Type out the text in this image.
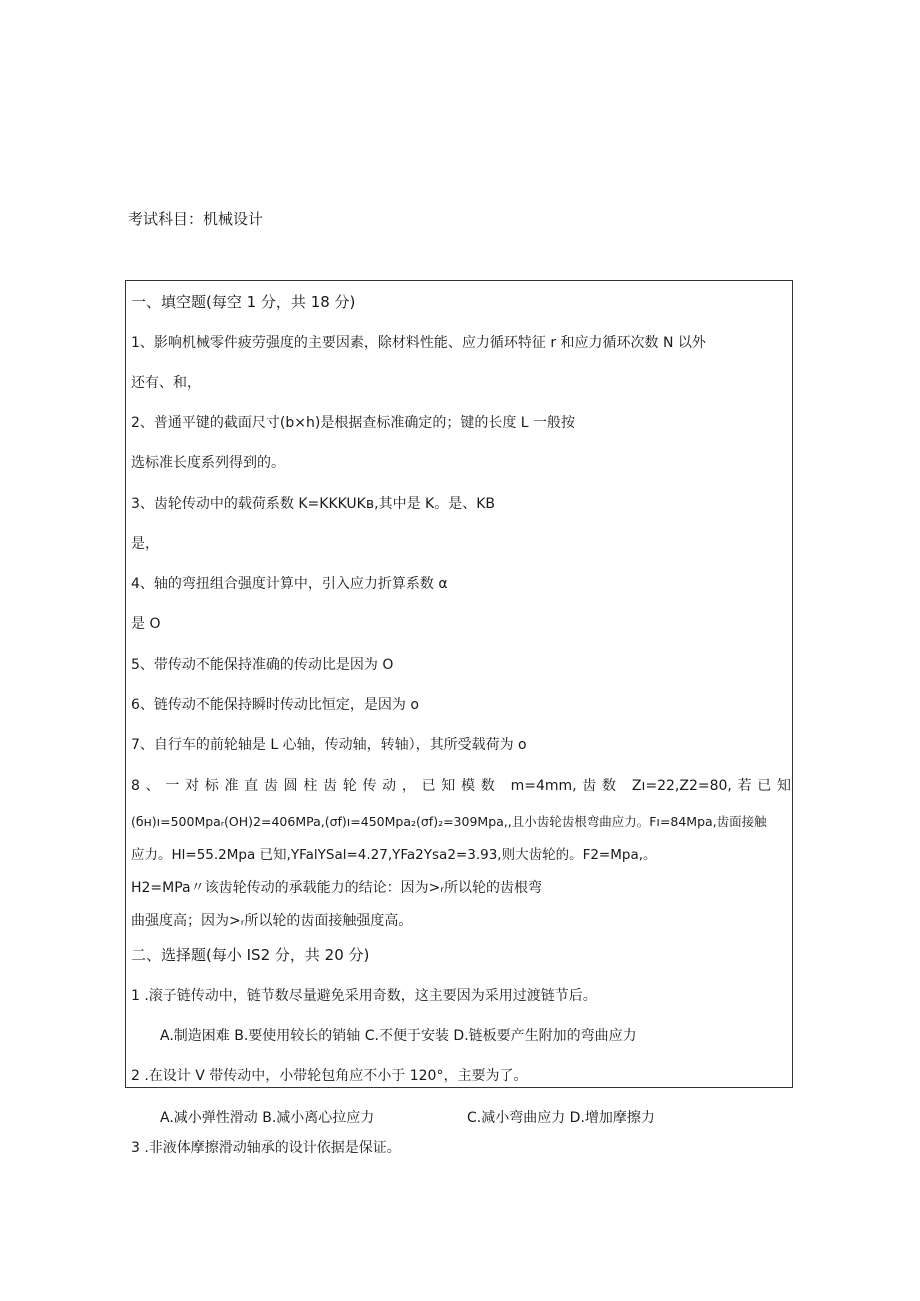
考试科目：机械设计
一、填空题(每空 1 分，共 18 分)
1、影响机械零件疲劳强度的主要因素，除材料性能、应力循环特征 r 和应力循环次数 N 以外
还有、和，
2、普通平键的截面尺寸(b×h)是根据查标准确定的；键的长度 L 一般按
选标准长度系列得到的。
3、齿轮传动中的载荷系数 K=KKKUKв,其中是 K。是、KB
是，
4、轴的弯扭组合强度计算中，引入应力折算系数 α
是 O
5、带传动不能保持准确的传动比是因为 O
6、链传动不能保持瞬时传动比恒定，是因为 o
7、自行车的前轮轴是 L 心轴，传动轴，转轴），其所受载荷为 o
8、一对标准直齿圆柱齿轮传动，已知模数 m=4mm,齿数 Zı=22,Z2=80,若已知
(бн)ı=500Mpaᵣ(OH)2=406MPa,(σf)ı=450Mpa₂(σf)₂=309Mpa,,且小齿轮齿根弯曲应力。Fı=84Mpa,齿面接触
应力。Hl=55.2Mpa 已知,YFalYSal=4.27,YFa2Ysa2=3.93,则大齿轮的。F2=Mpa,。
H2=MPa〃该齿轮传动的承载能力的结论：因为>ᵣ所以轮的齿根弯
曲强度高；因为>ᵣ所以轮的齿面接触强度高。
二、选择题(每小 IS2 分，共 20 分)
1 .滚子链传动中，链节数尽量避免采用奇数，这主要因为采用过渡链节后。
A.制造困难 B.要使用较长的销轴 C.不便于安装 D.链板要产生附加的弯曲应力
2 .在设计 V 带传动中，小带轮包角应不小于 120°，主要为了。
A.减小弹性滑动 B.减小离心拉应力	C.减小弯曲应力 D.增加摩擦力
3 .非液体摩擦滑动轴承的设计依据是保证。
